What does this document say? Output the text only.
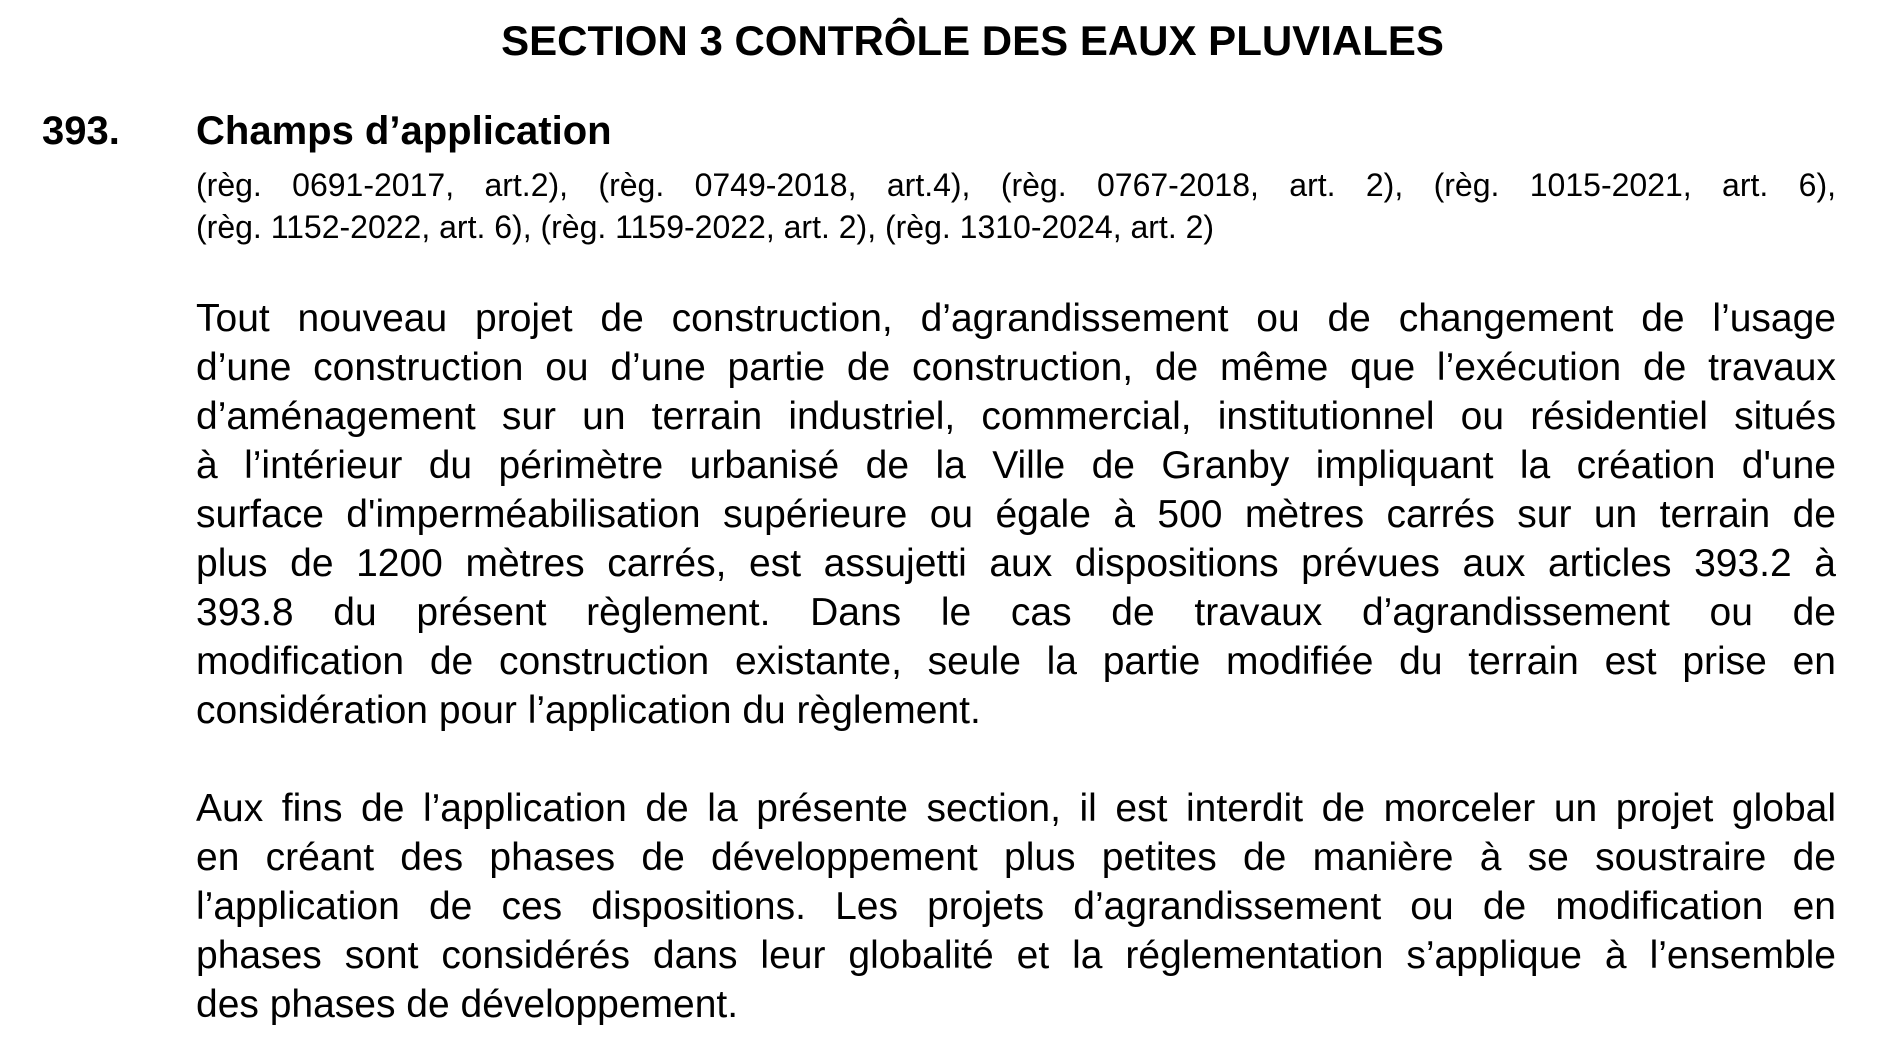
SECTION 3 CONTRÔLE DES EAUX PLUVIALES
393. Champs d’application
(règ. 0691-2017, art.2), (règ. 0749-2018, art.4), (règ. 0767-2018, art. 2), (règ. 1015-2021, art. 6),
(règ. 1152-2022, art. 6), (règ. 1159-2022, art. 2), (règ. 1310-2024, art. 2)
Tout nouveau projet de construction, d’agrandissement ou de changement de l’usage
d’une construction ou d’une partie de construction, de même que l’exécution de travaux
d’aménagement sur un terrain industriel, commercial, institutionnel ou résidentiel situés
à l’intérieur du périmètre urbanisé de la Ville de Granby impliquant la création d'une
surface d'imperméabilisation supérieure ou égale à 500 mètres carrés sur un terrain de
plus de 1200 mètres carrés, est assujetti aux dispositions prévues aux articles 393.2 à
393.8 du présent règlement. Dans le cas de travaux d’agrandissement ou de
modification de construction existante, seule la partie modifiée du terrain est prise en
considération pour l’application du règlement.
Aux fins de l’application de la présente section, il est interdit de morceler un projet global
en créant des phases de développement plus petites de manière à se soustraire de
l’application de ces dispositions. Les projets d’agrandissement ou de modification en
phases sont considérés dans leur globalité et la réglementation s’applique à l’ensemble
des phases de développement.
